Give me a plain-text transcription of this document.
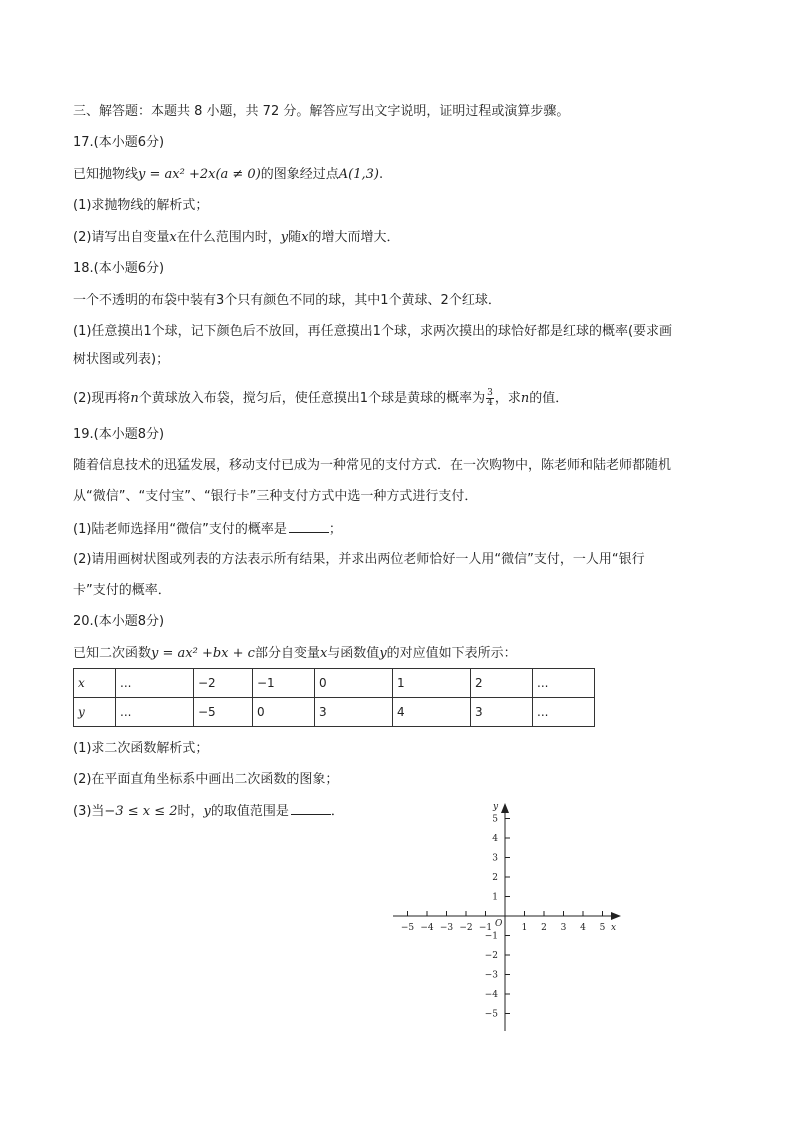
三、解答题：本题共 8 小题，共 72 分。解答应写出文字说明，证明过程或演算步骤。
17.(本小题6分)
已知抛物线y = ax² +2x(a ≠ 0)的图象经过点A(1,3).
(1)求抛物线的解析式；
(2)请写出自变量x在什么范围内时，y随x的增大而增大．
18.(本小题6分)
一个不透明的布袋中装有3个只有颜色不同的球，其中1个黄球、2个红球．
(1)任意摸出1个球，记下颜色后不放回，再任意摸出1个球，求两次摸出的球恰好都是红球的概率(要求画
树状图或列表)；
(2)现再将n个黄球放入布袋，搅匀后，使任意摸出1个球是黄球的概率为 $\frac{3}{4}$ ，求n的值．
19.(本小题8分)
随着信息技术的迅猛发展，移动支付已成为一种常见的支付方式．在一次购物中，陈老师和陆老师都随机
从“微信”、“支付宝”、“银行卡”三种支付方式中选一种方式进行支付．
(1)陆老师选择用“微信”支付的概率是	；
(2)请用画树状图或列表的方法表示所有结果，并求出两位老师恰好一人用“微信”支付，一人用“银行
卡”支付的概率．
20.(本小题8分)
已知二次函数y = ax² +bx + c部分自变量x与函数值y的对应值如下表所示：
x	...	−2	−1	0	1	2	...
y	...	−5	0	3	4	3	...
(1)求二次函数解析式；
(2)在平面直角坐标系中画出二次函数的图象；
(3)当−3 ≤ x ≤ 2时，y的取值范围是	．
−5 −4 −3 −2 −1	1 2 3 4 5
5
4
3
2
1
−1
−2
−3
−4
−5
x
y
O
